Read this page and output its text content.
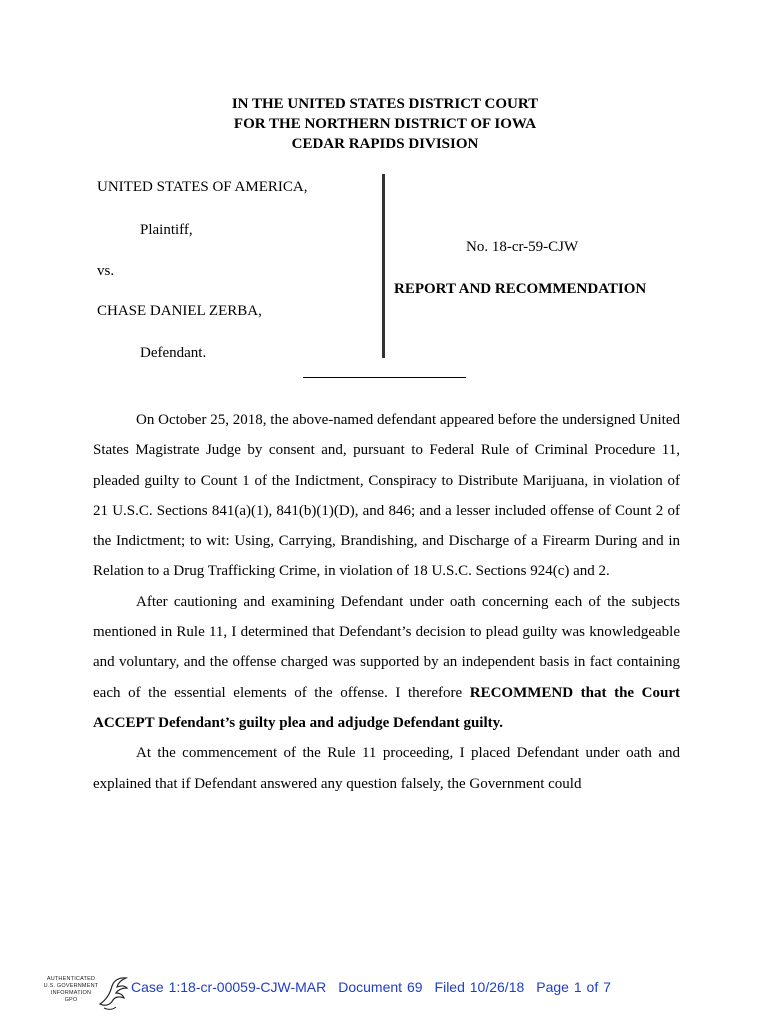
IN THE UNITED STATES DISTRICT COURT
FOR THE NORTHERN DISTRICT OF IOWA
CEDAR RAPIDS DIVISION
UNITED STATES OF AMERICA,
Plaintiff,
vs.
CHASE DANIEL ZERBA,
Defendant.
No. 18-cr-59-CJW
REPORT AND RECOMMENDATION

On October 25, 2018, the above-named defendant appeared before the undersigned United States Magistrate Judge by consent and, pursuant to Federal Rule of Criminal Procedure 11, pleaded guilty to Count 1 of the Indictment, Conspiracy to Distribute Marijuana, in violation of 21 U.S.C. Sections 841(a)(1), 841(b)(1)(D), and 846; and a lesser included offense of Count 2 of the Indictment; to wit: Using, Carrying, Brandishing, and Discharge of a Firearm During and in Relation to a Drug Trafficking Crime, in violation of 18 U.S.C. Sections 924(c) and 2.

After cautioning and examining Defendant under oath concerning each of the subjects mentioned in Rule 11, I determined that Defendant’s decision to plead guilty was knowledgeable and voluntary, and the offense charged was supported by an independent basis in fact containing each of the essential elements of the offense. I therefore RECOMMEND that the Court ACCEPT Defendant’s guilty plea and adjudge Defendant guilty.

At the commencement of the Rule 11 proceeding, I placed Defendant under oath and explained that if Defendant answered any question falsely, the Government could

AUTHENTICATED
U.S. GOVERNMENT
INFORMATION
GPO
Case 1:18-cr-00059-CJW-MAR Document 69 Filed 10/26/18 Page 1 of 7
